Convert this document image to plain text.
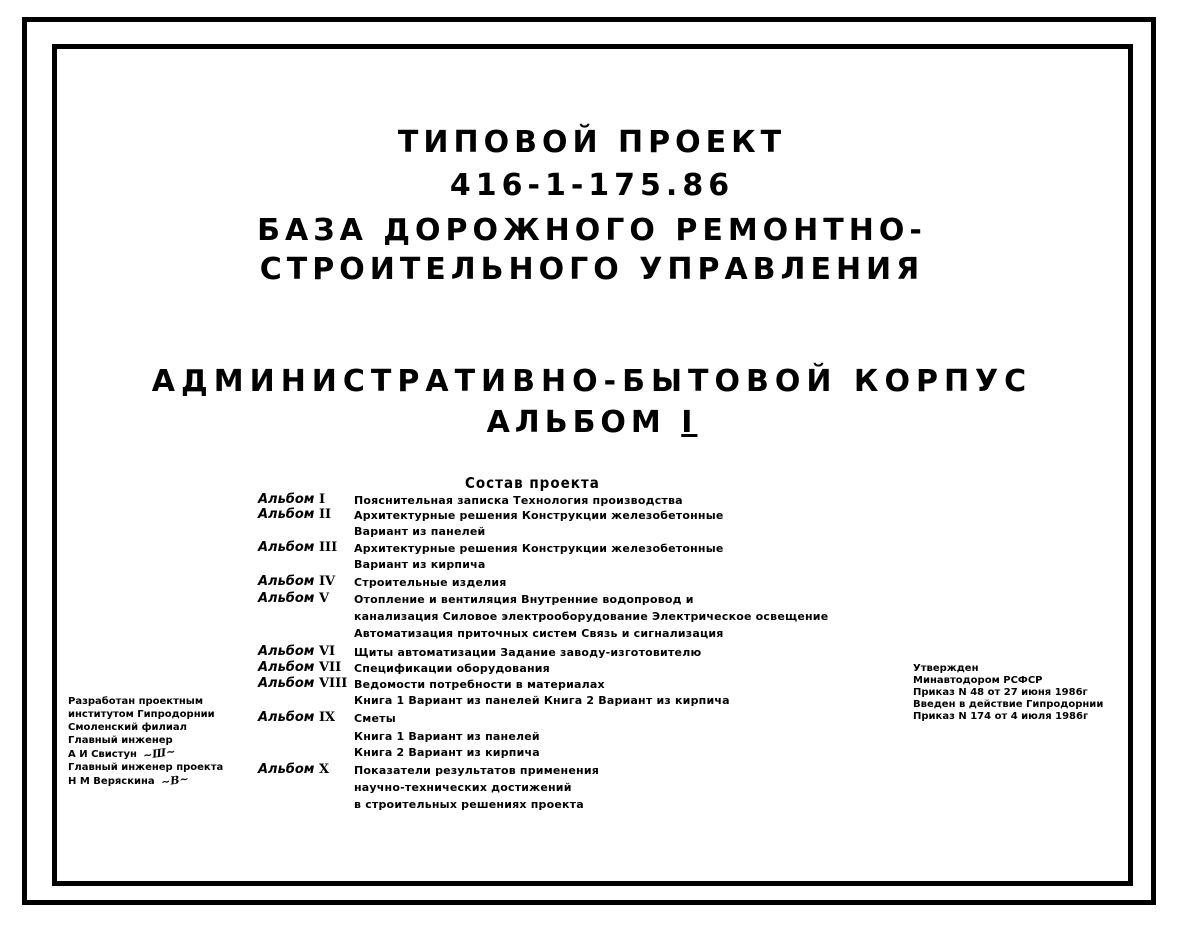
ТИПОВОЙ ПРОЕКТ
416-1-175.86
БАЗА ДОРОЖНОГО РЕМОНТНО-
СТРОИТЕЛЬНОГО УПРАВЛЕНИЯ
АДМИНИСТРАТИВНО-БЫТОВОЙ КОРПУС
АЛЬБОМ I
Состав проекта
Альбом I	Пояснительная записка Технология производства
Альбом II	Архитектурные решения Конструкции железобетонные
Вариант из панелей
Альбом III	Архитектурные решения Конструкции железобетонные
Вариант из кирпича
Альбом IV	Строительные изделия
Альбом V	Отопление и вентиляция Внутренние водопровод и
канализация Силовое электрооборудование Электрическое освещение
Автоматизация приточных систем Связь и сигнализация
Альбом VI	Щиты автоматизации Задание заводу-изготовителю
Альбом VII	Спецификации оборудования
Альбом VIII Ведомости потребности в материалах
Книга 1 Вариант из панелей Книга 2 Вариант из кирпича
Альбом IX	Сметы
Книга 1 Вариант из панелей
Книга 2 Вариант из кирпича
Альбом X	Показатели результатов применения
научно-технических достижений
в строительных решениях проекта
Разработан проектным
институтом Гипродорнии
Смоленский филиал
Главный инженер
А И Свистун ~Ш~
Главный инженер проекта
Н М Веряскина ~В~
Утвержден
Минавтодором РСФСР
Приказ N 48 от 27 июня 1986г
Введен в действие Гипродорнии
Приказ N 174 от 4 июля 1986г
